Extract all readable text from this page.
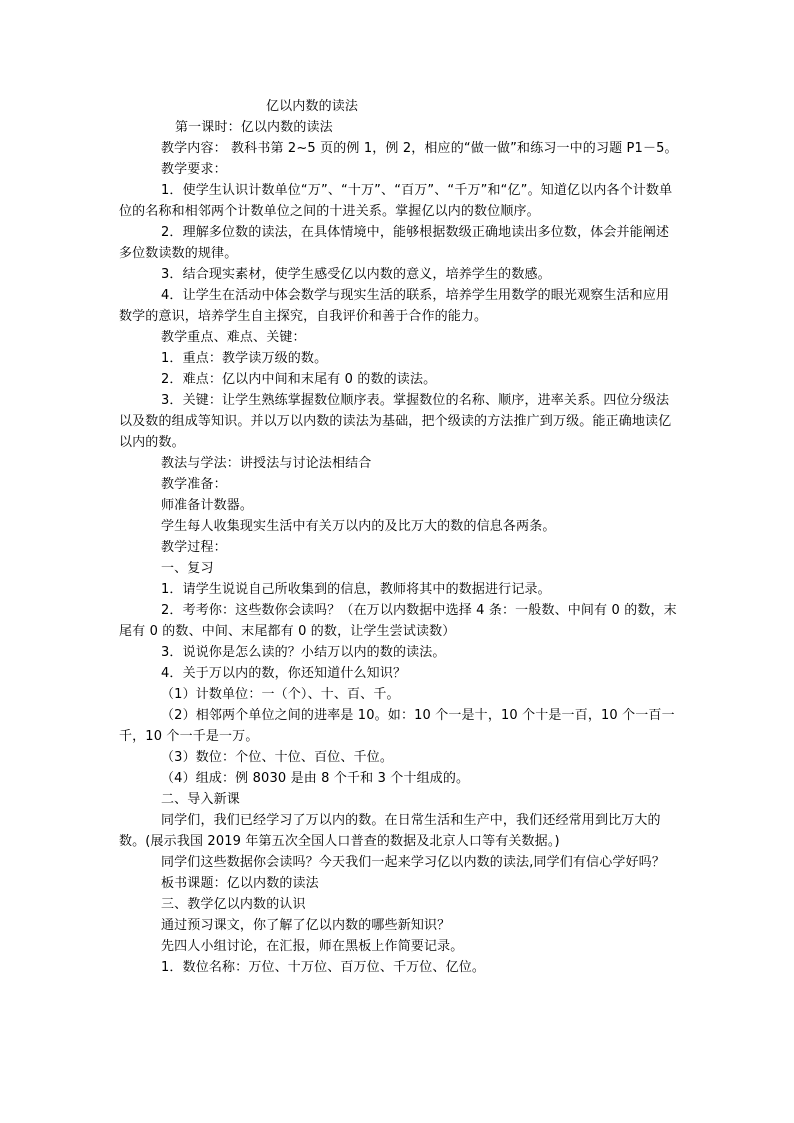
亿以内数的读法

第一课时：亿以内数的读法

教学内容： 教科书第 2~5 页的例 1，例 2，相应的“做一做”和练习一中的习题 P1－5。

教学要求：

1．使学生认识计数单位“万”、“十万”、“百万”、“千万”和“亿”。知道亿以内各个计数单位的名称和相邻两个计数单位之间的十进关系。掌握亿以内的数位顺序。

2．理解多位数的读法，在具体情境中，能够根据数级正确地读出多位数，体会并能阐述多位数读数的规律。

3．结合现实素材，使学生感受亿以内数的意义，培养学生的数感。

4．让学生在活动中体会数学与现实生活的联系，培养学生用数学的眼光观察生活和应用数学的意识，培养学生自主探究，自我评价和善于合作的能力。

教学重点、难点、关键：

1．重点：教学读万级的数。

2．难点：亿以内中间和末尾有 0 的数的读法。

3．关键：让学生熟练掌握数位顺序表。掌握数位的名称、顺序，进率关系。四位分级法以及数的组成等知识。并以万以内数的读法为基础，把个级读的方法推广到万级。能正确地读亿以内的数。

教法与学法：讲授法与讨论法相结合

教学准备：

师准备计数器。

学生每人收集现实生活中有关万以内的及比万大的数的信息各两条。

教学过程：

一、复习

1．请学生说说自己所收集到的信息，教师将其中的数据进行记录。

2．考考你：这些数你会读吗？（在万以内数据中选择 4 条：一般数、中间有 0 的数，末尾有 0 的数、中间、末尾都有 0 的数，让学生尝试读数）

3．说说你是怎么读的？小结万以内的数的读法。

4．关于万以内的数，你还知道什么知识？

（1）计数单位：一（个）、十、百、千。

（2）相邻两个单位之间的进率是 10。如：10 个一是十，10 个十是一百，10 个一百一千，10 个一千是一万。

（3）数位：个位、十位、百位、千位。

（4）组成：例 8030 是由 8 个千和 3 个十组成的。

二、导入新课

同学们，我们已经学习了万以内的数。在日常生活和生产中，我们还经常用到比万大的数。(展示我国 2019 年第五次全国人口普查的数据及北京人口等有关数据。)

同学们这些数据你会读吗？今天我们一起来学习亿以内数的读法,同学们有信心学好吗？

板书课题：亿以内数的读法

三、教学亿以内数的认识

通过预习课文，你了解了亿以内数的哪些新知识？

先四人小组讨论，在汇报，师在黑板上作简要记录。

1．数位名称：万位、十万位、百万位、千万位、亿位。
